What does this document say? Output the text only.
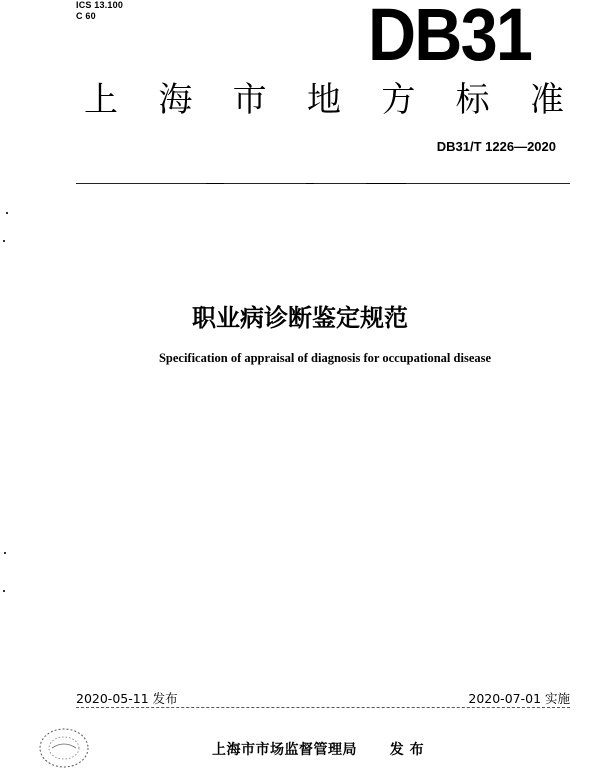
ICS 13.100
C 60	DB31
上 海 市 地 方 标 准
DB31/T 1226—2020
职业病诊断鉴定规范
Specification of appraisal of diagnosis for occupational disease
2020-05-11 发布	2020-07-01 实施
上海市市场监督管理局 发 布
